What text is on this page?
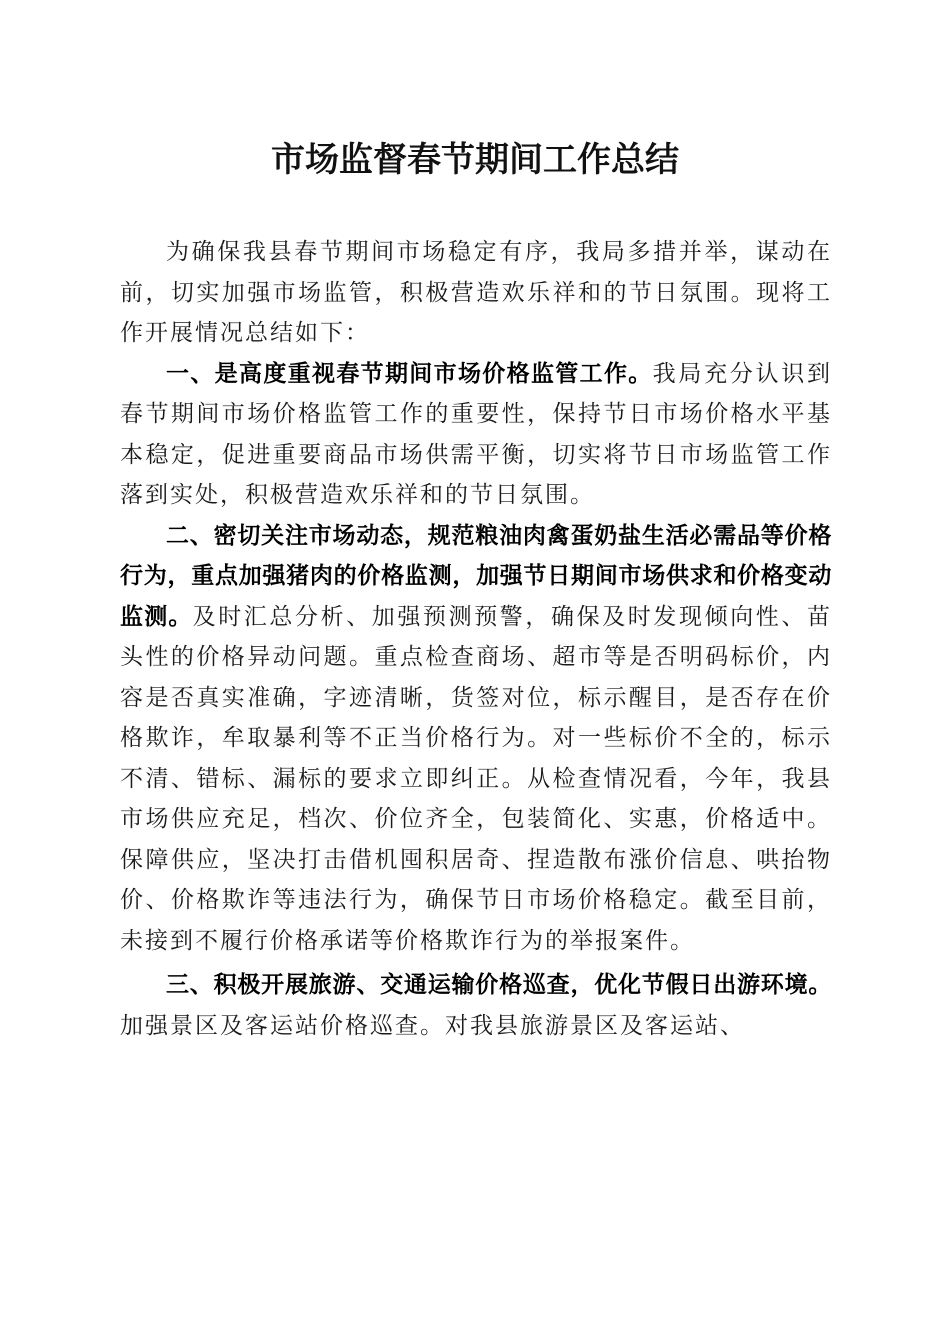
市场监督春节期间工作总结

为确保我县春节期间市场稳定有序，我局多措并举，谋动在前，切实加强市场监管，积极营造欢乐祥和的节日氛围。现将工作开展情况总结如下：

一、是高度重视春节期间市场价格监管工作。我局充分认识到春节期间市场价格监管工作的重要性，保持节日市场价格水平基本稳定，促进重要商品市场供需平衡，切实将节日市场监管工作落到实处，积极营造欢乐祥和的节日氛围。

二、密切关注市场动态，规范粮油肉禽蛋奶盐生活必需品等价格行为，重点加强猪肉的价格监测，加强节日期间市场供求和价格变动监测。及时汇总分析、加强预测预警，确保及时发现倾向性、苗头性的价格异动问题。重点检查商场、超市等是否明码标价，内容是否真实准确，字迹清晰，货签对位，标示醒目，是否存在价格欺诈，牟取暴利等不正当价格行为。对一些标价不全的，标示不清、错标、漏标的要求立即纠正。从检查情况看，今年，我县市场供应充足，档次、价位齐全，包装简化、实惠，价格适中。保障供应，坚决打击借机囤积居奇、捏造散布涨价信息、哄抬物价、价格欺诈等违法行为，确保节日市场价格稳定。截至目前，未接到不履行价格承诺等价格欺诈行为的举报案件。

三、积极开展旅游、交通运输价格巡查，优化节假日出游环境。加强景区及客运站价格巡查。对我县旅游景区及客运站、
